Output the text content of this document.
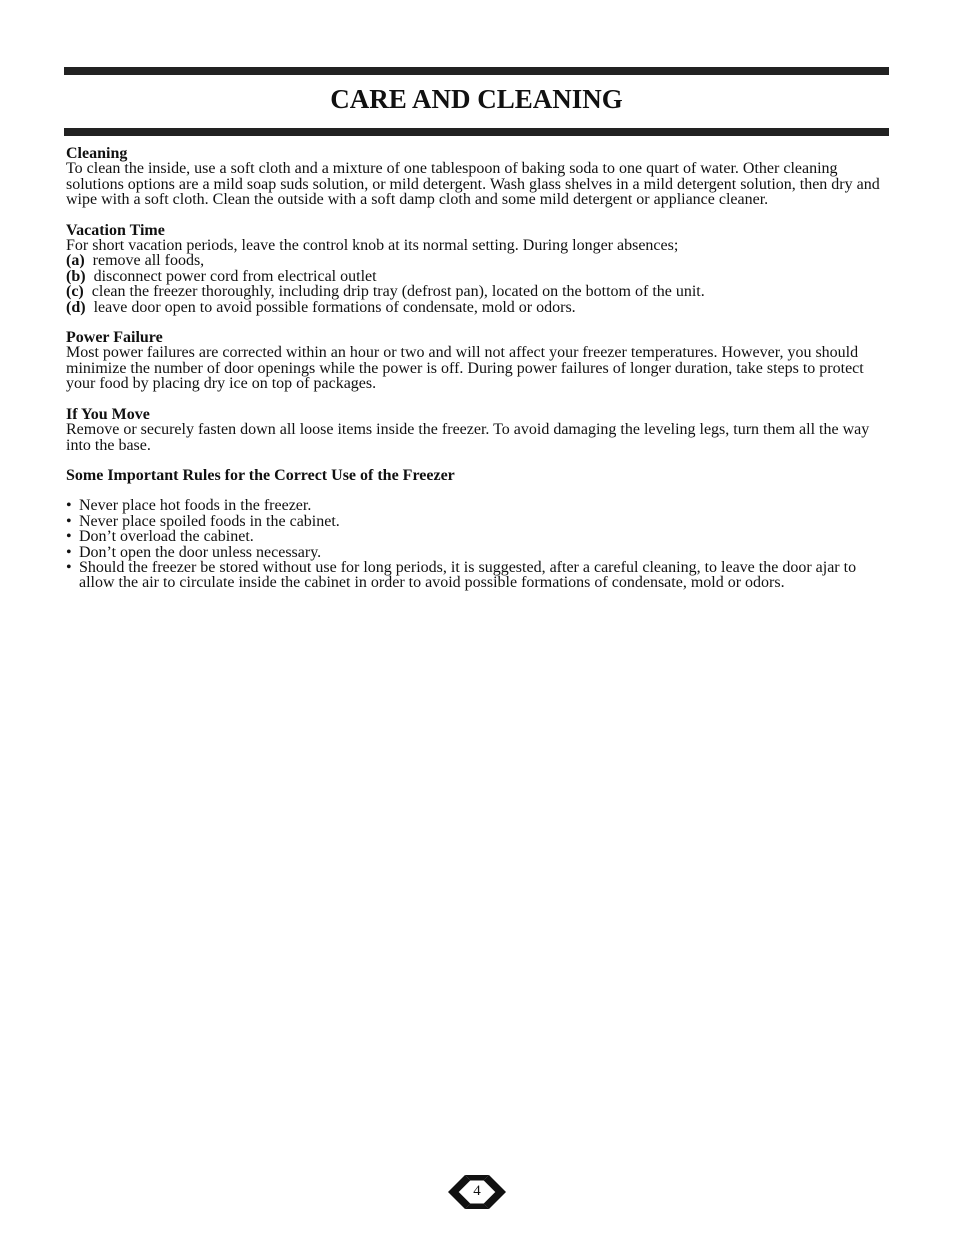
CARE AND CLEANING
Cleaning
To clean the inside, use a soft cloth and a mixture of one tablespoon of baking soda to one quart of water. Other cleaning solutions options are a mild soap suds solution, or mild detergent. Wash glass shelves in a mild detergent solution, then dry and wipe with a soft cloth. Clean the outside with a soft damp cloth and some mild detergent or appliance cleaner.
Vacation Time
For short vacation periods, leave the control knob at its normal setting. During longer absences;
(a) remove all foods,
(b) disconnect power cord from electrical outlet
(c) clean the freezer thoroughly, including drip tray (defrost pan), located on the bottom of the unit.
(d) leave door open to avoid possible formations of condensate, mold or odors.
Power Failure
Most power failures are corrected within an hour or two and will not affect your freezer temperatures. However, you should minimize the number of door openings while the power is off. During power failures of longer duration, take steps to protect your food by placing dry ice on top of packages.
If You Move
Remove or securely fasten down all loose items inside the freezer. To avoid damaging the leveling legs, turn them all the way into the base.
Some Important Rules for the Correct Use of the Freezer
• Never place hot foods in the freezer.
• Never place spoiled foods in the cabinet.
• Don’t overload the cabinet.
• Don’t open the door unless necessary.
• Should the freezer be stored without use for long periods, it is suggested, after a careful cleaning, to leave the door ajar to allow the air to circulate inside the cabinet in order to avoid possible formations of condensate, mold or odors.
4
